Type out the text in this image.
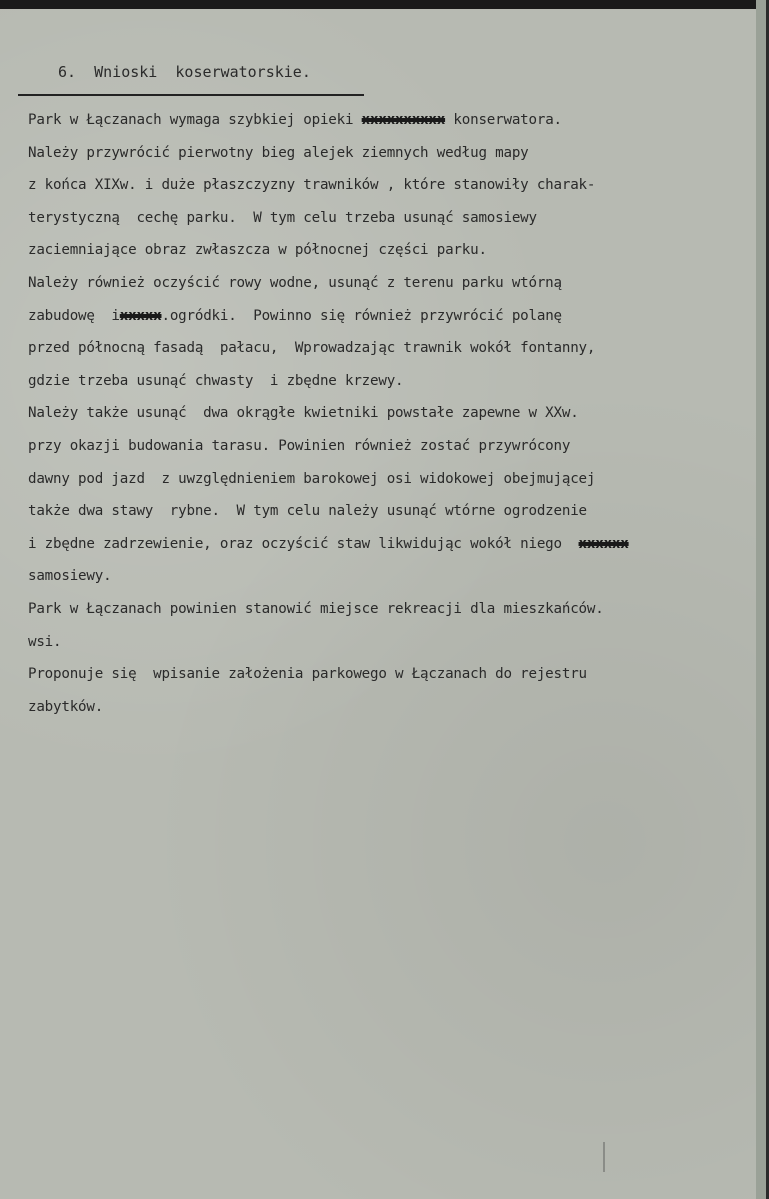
6.  Wnioski  koserwatorskie.
Park w Łączanach wymaga szybkiej opieki xxxxxxxxxx konserwatora.
Należy przywrócić pierwotny bieg alejek ziemnych według mapy
z końca XIXw. i duże płaszczyzny trawników , które stanowiły charak-
terystyczną  cechę parku.  W tym celu trzeba usunąć samosiewy
zaciemniające obraz zwłaszcza w północnej części parku.
Należy również oczyścić rowy wodne, usunąć z terenu parku wtórną
zabudowę  ixxxxx.ogródki.  Powinno się również przywrócić polanę
przed północną fasadą  pałacu,  Wprowadzając trawnik wokół fontanny,
gdzie trzeba usunąć chwasty  i zbędne krzewy.
Należy także usunąć  dwa okrągłe kwietniki powstałe zapewne w XXw.
przy okazji budowania tarasu. Powinien również zostać przywrócony
dawny pod jazd  z uwzględnieniem barokowej osi widokowej obejmującej
także dwa stawy  rybne.  W tym celu należy usunąć wtórne ogrodzenie
i zbędne zadrzewienie, oraz oczyścić staw likwidując wokół niego  xxxxxx
samosiewy.
Park w Łączanach powinien stanowić miejsce rekreacji dla mieszkańców.
wsi.
Proponuje się  wpisanie założenia parkowego w Łączanach do rejestru
zabytków.
